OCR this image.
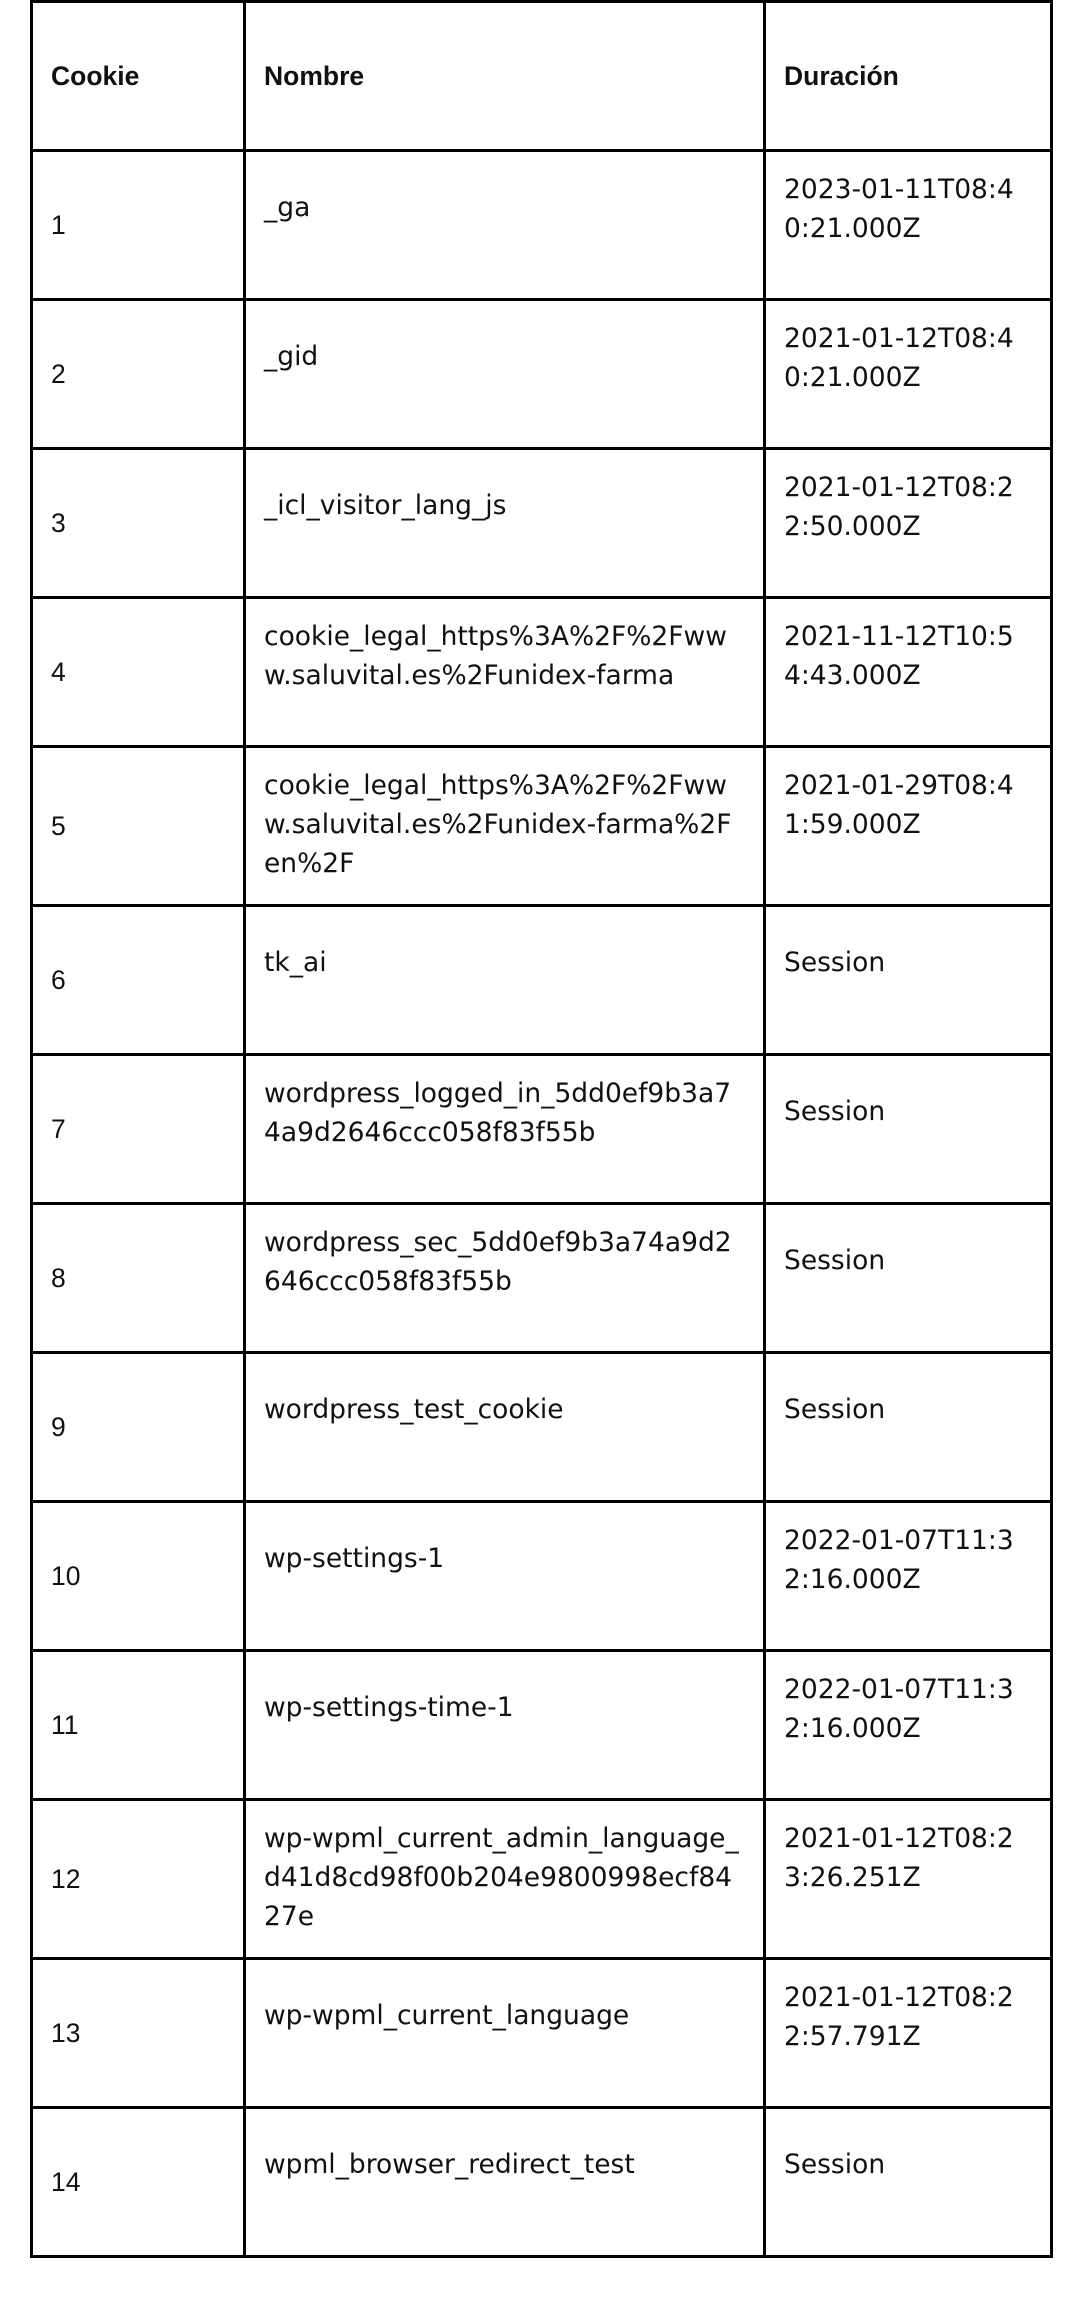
Cookie	Nombre	Duración
1	_ga	2023-01-11T08:40:21.000Z
2	_gid	2021-01-12T08:40:21.000Z
3	_icl_visitor_lang_js	2021-01-12T08:22:50.000Z
4	cookie_legal_https%3A%2F%2Fwww.saluvital.es%2Funidex-farma	2021-11-12T10:54:43.000Z
5	cookie_legal_https%3A%2F%2Fwww.saluvital.es%2Funidex-farma%2Fen%2F	2021-01-29T08:41:59.000Z
6	tk_ai	Session
7	wordpress_logged_in_5dd0ef9b3a74a9d2646ccc058f83f55b	Session
8	wordpress_sec_5dd0ef9b3a74a9d2646ccc058f83f55b	Session
9	wordpress_test_cookie	Session
10	wp-settings-1	2022-01-07T11:32:16.000Z
11	wp-settings-time-1	2022-01-07T11:32:16.000Z
12	wp-wpml_current_admin_language_d41d8cd98f00b204e9800998ecf8427e	2021-01-12T08:23:26.251Z
13	wp-wpml_current_language	2021-01-12T08:22:57.791Z
14	wpml_browser_redirect_test	Session
